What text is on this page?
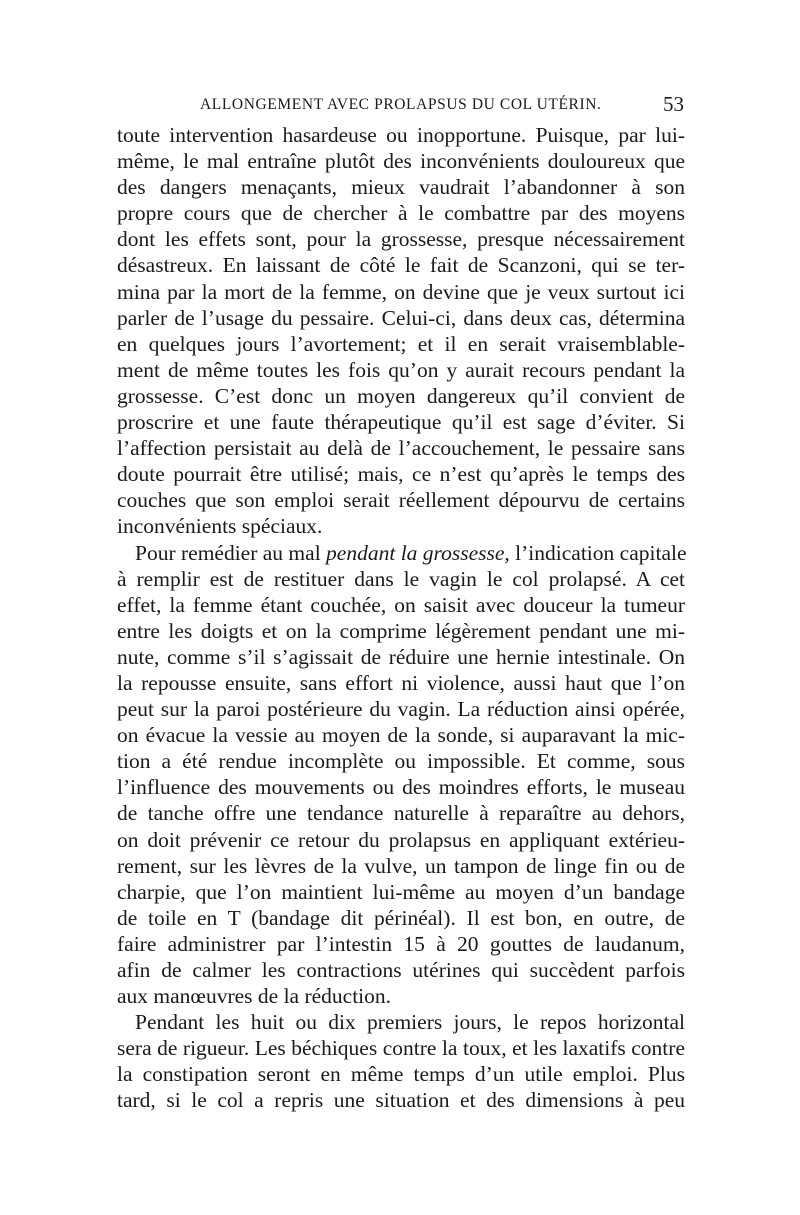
ALLONGEMENT AVEC PROLAPSUS DU COL UTÉRIN.	53
toute intervention hasardeuse ou inopportune. Puisque, par lui-
même, le mal entraîne plutôt des inconvénients douloureux que
des dangers menaçants, mieux vaudrait l’abandonner à son
propre cours que de chercher à le combattre par des moyens
dont les effets sont, pour la grossesse, presque nécessairement
désastreux. En laissant de côté le fait de Scanzoni, qui se ter-
mina par la mort de la femme, on devine que je veux surtout ici
parler de l’usage du pessaire. Celui-ci, dans deux cas, détermina
en quelques jours l’avortement; et il en serait vraisemblable-
ment de même toutes les fois qu’on y aurait recours pendant la
grossesse. C’est donc un moyen dangereux qu’il convient de
proscrire et une faute thérapeutique qu’il est sage d’éviter. Si
l’affection persistait au delà de l’accouchement, le pessaire sans
doute pourrait être utilisé; mais, ce n’est qu’après le temps des
couches que son emploi serait réellement dépourvu de certains
inconvénients spéciaux.
Pour remédier au mal pendant la grossesse, l’indication capitale
à remplir est de restituer dans le vagin le col prolapsé. A cet
effet, la femme étant couchée, on saisit avec douceur la tumeur
entre les doigts et on la comprime légèrement pendant une mi-
nute, comme s’il s’agissait de réduire une hernie intestinale. On
la repousse ensuite, sans effort ni violence, aussi haut que l’on
peut sur la paroi postérieure du vagin. La réduction ainsi opérée,
on évacue la vessie au moyen de la sonde, si auparavant la mic-
tion a été rendue incomplète ou impossible. Et comme, sous
l’influence des mouvements ou des moindres efforts, le museau
de tanche offre une tendance naturelle à reparaître au dehors,
on doit prévenir ce retour du prolapsus en appliquant extérieu-
rement, sur les lèvres de la vulve, un tampon de linge fin ou de
charpie, que l’on maintient lui-même au moyen d’un bandage
de toile en T (bandage dit périnéal). Il est bon, en outre, de
faire administrer par l’intestin 15 à 20 gouttes de laudanum,
afin de calmer les contractions utérines qui succèdent parfois
aux manœuvres de la réduction.
Pendant les huit ou dix premiers jours, le repos horizontal
sera de rigueur. Les béchiques contre la toux, et les laxatifs contre
la constipation seront en même temps d’un utile emploi. Plus
tard, si le col a repris une situation et des dimensions à peu
